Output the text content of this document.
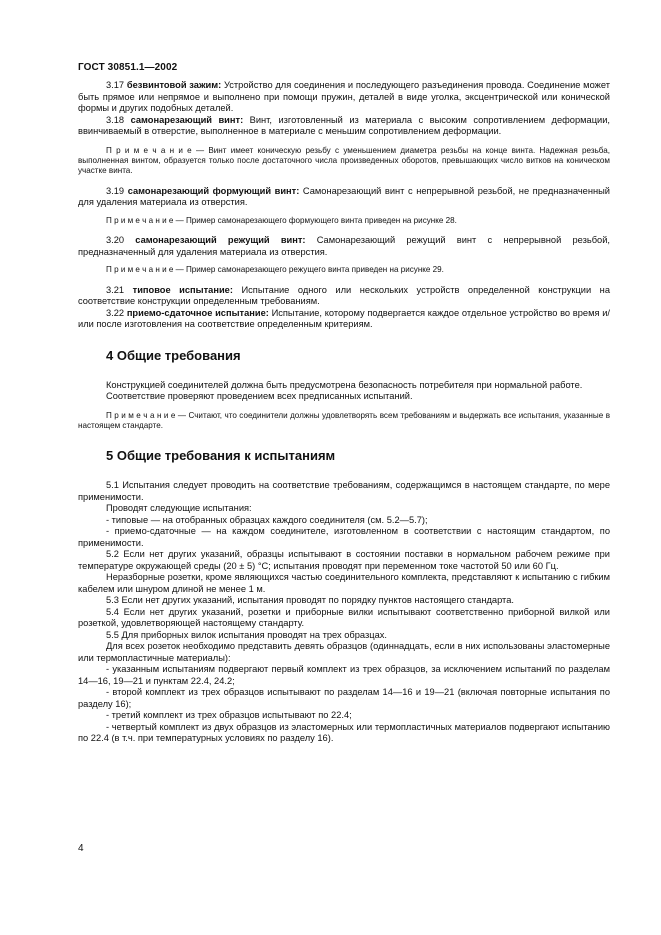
ГОСТ 30851.1—2002

3.17 безвинтовой зажим: Устройство для соединения и последующего разъединения провода. Соединение может быть прямое или непрямое и выполнено при помощи пружин, деталей в виде уголка, эксцентрической или конической формы и других подобных деталей.

3.18 самонарезающий винт: Винт, изготовленный из материала с высоким сопротивлением деформации, ввинчиваемый в отверстие, выполненное в материале с меньшим сопротивлением деформации.

П р и м е ч а н и е — Винт имеет коническую резьбу с уменьшением диаметра резьбы на конце винта. Надежная резьба, выполненная винтом, образуется только после достаточного числа произведенных оборотов, превышающих число витков на коническом участке винта.

3.19 самонарезающий формующий винт: Самонарезающий винт с непрерывной резьбой, не предназначенный для удаления материала из отверстия.

П р и м е ч а н и е — Пример самонарезающего формующего винта приведен на рисунке 28.

3.20 самонарезающий режущий винт: Самонарезающий режущий винт с непрерывной резьбой, предназначенный для удаления материала из отверстия.

П р и м е ч а н и е — Пример самонарезающего режущего винта приведен на рисунке 29.

3.21 типовое испытание: Испытание одного или нескольких устройств определенной конструкции на соответствие конструкции определенным требованиям.

3.22 приемо-сдаточное испытание: Испытание, которому подвергается каждое отдельное устройство во время и/или после изготовления на соответствие определенным критериям.

4 Общие требования

Конструкцией соединителей должна быть предусмотрена безопасность потребителя при нормальной работе.

Соответствие проверяют проведением всех предписанных испытаний.

П р и м е ч а н и е — Считают, что соединители должны удовлетворять всем требованиям и выдержать все испытания, указанные в настоящем стандарте.

5 Общие требования к испытаниям

5.1 Испытания следует проводить на соответствие требованиям, содержащимся в настоящем стандарте, по мере применимости.

Проводят следующие испытания:

- типовые — на отобранных образцах каждого соединителя (см. 5.2—5.7);

- приемо-сдаточные — на каждом соединителе, изготовленном в соответствии с настоящим стандартом, по применимости.

5.2 Если нет других указаний, образцы испытывают в состоянии поставки в нормальном рабочем режиме при температуре окружающей среды (20 ± 5) °С; испытания проводят при переменном токе частотой 50 или 60 Гц.

Неразборные розетки, кроме являющихся частью соединительного комплекта, представляют к испытанию с гибким кабелем или шнуром длиной не менее 1 м.

5.3 Если нет других указаний, испытания проводят по порядку пунктов настоящего стандарта.

5.4 Если нет других указаний, розетки и приборные вилки испытывают соответственно приборной вилкой или розеткой, удовлетворяющей настоящему стандарту.

5.5 Для приборных вилок испытания проводят на трех образцах.

Для всех розеток необходимо представить девять образцов (одиннадцать, если в них использованы эластомерные или термопластичные материалы):

- указанным испытаниям подвергают первый комплект из трех образцов, за исключением испытаний по разделам 14—16, 19—21 и пунктам 22.4, 24.2;

- второй комплект из трех образцов испытывают по разделам 14—16 и 19—21 (включая повторные испытания по разделу 16);

- третий комплект из трех образцов испытывают по 22.4;

- четвертый комплект из двух образцов из эластомерных или термопластичных материалов подвергают испытанию по 22.4 (в т.ч. при температурных условиях по разделу 16).

4
